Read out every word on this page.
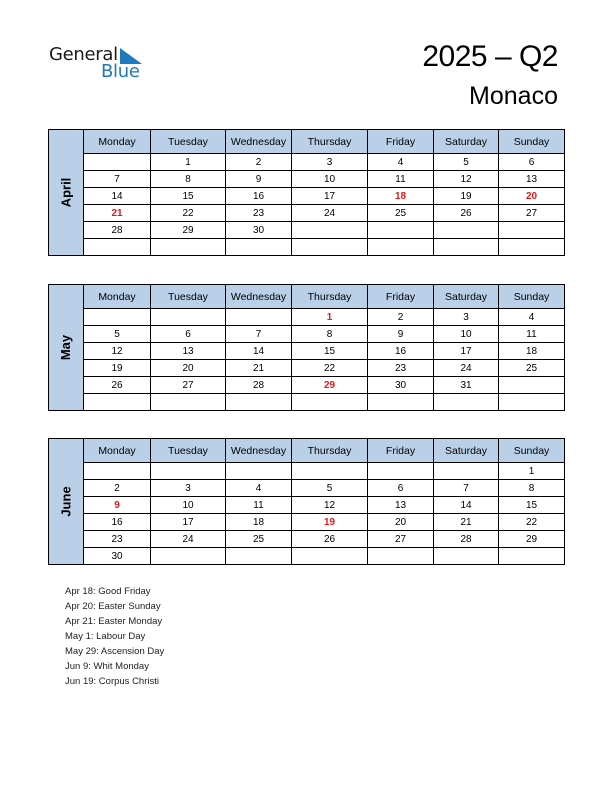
General
Blue	2025 – Q2
Monaco
April	Monday	Tuesday	Wednesday	Thursday	Friday	Saturday	Sunday
		1	2	3	4	5	6
	7	8	9	10	11	12	13
	14	15	16	17	18	19	20
	21	22	23	24	25	26	27
	28	29	30				

May	Monday	Tuesday	Wednesday	Thursday	Friday	Saturday	Sunday
				1	2	3	4
	5	6	7	8	9	10	11
	12	13	14	15	16	17	18
	19	20	21	22	23	24	25
	26	27	28	29	30	31	

June	Monday	Tuesday	Wednesday	Thursday	Friday	Saturday	Sunday
							1
	2	3	4	5	6	7	8
	9	10	11	12	13	14	15
	16	17	18	19	20	21	22
	23	24	25	26	27	28	29
	30						
Apr 18: Good Friday
Apr 20: Easter Sunday
Apr 21: Easter Monday
May 1: Labour Day
May 29: Ascension Day
Jun 9: Whit Monday
Jun 19: Corpus Christi
